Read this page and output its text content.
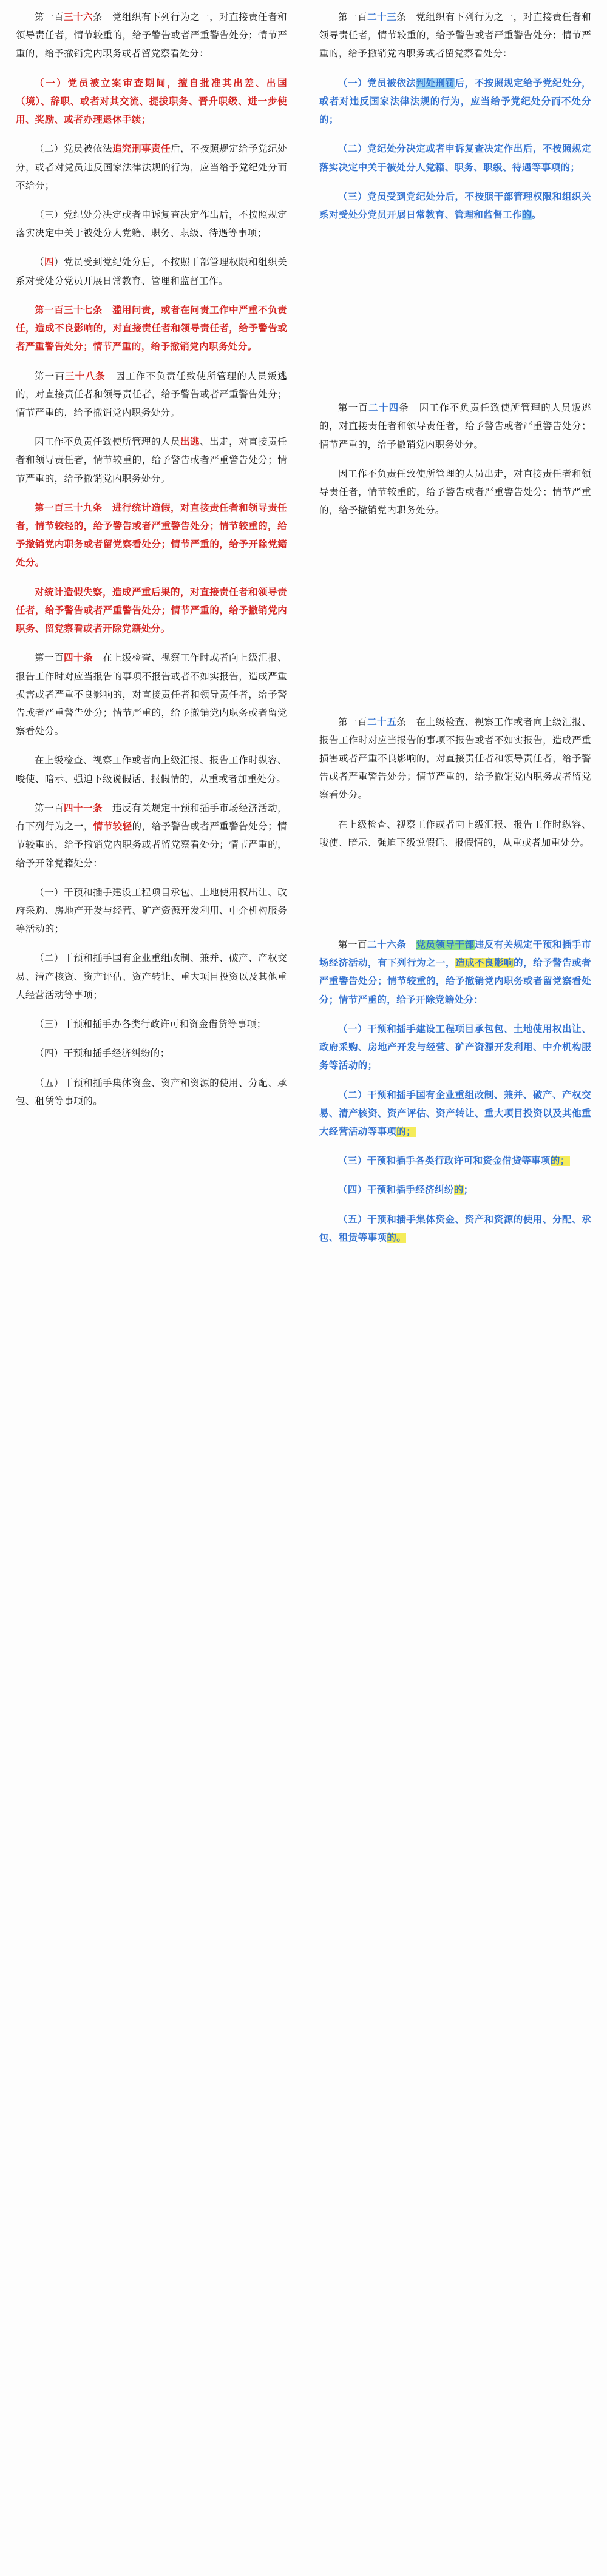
第一百三十六条　党组织有下列行为之一，对直接责任者和领导责任者，情节较重的，给予警告或者严重警告处分；情节严重的，给予撤销党内职务或者留党察看处分：

（一）党员被立案审查期间，擅自批准其出差、出国（境）、辞职、或者对其交流、提拔职务、晋升职级、进一步使用、奖励、或者办理退休手续；

（二）党员被依法追究刑事责任后，不按照规定给予党纪处分，或者对党员违反国家法律法规的行为，应当给予党纪处分而不给分；

（三）党纪处分决定或者申诉复查决定作出后，不按照规定落实决定中关于被处分人党籍、职务、职级、待遇等事项；

（四）党员受到党纪处分后，不按照干部管理权限和组织关系对受处分党员开展日常教育、管理和监督工作。

第一百三十七条　滥用问责，或者在问责工作中严重不负责任，造成不良影响的，对直接责任者和领导责任者，给予警告或者严重警告处分；情节严重的，给予撤销党内职务处分。

第一百三十八条　因工作不负责任致使所管理的人员叛逃的，对直接责任者和领导责任者，给予警告或者严重警告处分；情节严重的，给予撤销党内职务处分。

因工作不负责任致使所管理的人员出逃、出走，对直接责任者和领导责任者，情节较重的，给予警告或者严重警告处分；情节严重的，给予撤销党内职务处分。

第一百三十九条　进行统计造假，对直接责任者和领导责任者，情节较轻的，给予警告或者严重警告处分；情节较重的，给予撤销党内职务或者留党察看处分；情节严重的，给予开除党籍处分。

对统计造假失察，造成严重后果的，对直接责任者和领导责任者，给予警告或者严重警告处分；情节严重的，给予撤销党内职务、留党察看或者开除党籍处分。

第一百四十条　在上级检查、视察工作时或者向上级汇报、报告工作时对应当报告的事项不报告或者不如实报告，造成严重损害或者严重不良影响的，对直接责任者和领导责任者，给予警告或者严重警告处分；情节严重的，给予撤销党内职务或者留党察看处分。

在上级检查、视察工作或者向上级汇报、报告工作时纵容、唆使、暗示、强迫下级说假话、报假情的，从重或者加重处分。

第一百四十一条　违反有关规定干预和插手市场经济活动，有下列行为之一，情节较轻的，给予警告或者严重警告处分；情节较重的，给予撤销党内职务或者留党察看处分；情节严重的，给予开除党籍处分：

（一）干预和插手建设工程项目承包、土地使用权出让、政府采购、房地产开发与经营、矿产资源开发利用、中介机构服务等活动的；

（二）干预和插手国有企业重组改制、兼并、破产、产权交易、清产核资、资产评估、资产转让、重大项目投资以及其他重大经营活动等事项；

（三）干预和插手办各类行政许可和资金借贷等事项；

（四）干预和插手经济纠纷的；

（五）干预和插手集体资金、资产和资源的使用、分配、承包、租赁等事项的。

第一百二十三条　党组织有下列行为之一，对直接责任者和领导责任者，情节较重的，给予警告或者严重警告处分；情节严重的，给予撤销党内职务或者留党察看处分：

（一）党员被依法判处刑罚后，不按照规定给予党纪处分，或者对违反国家法律法规的行为，应当给予党纪处分而不处分的；

（二）党纪处分决定或者申诉复查决定作出后，不按照规定落实决定中关于被处分人党籍、职务、职级、待遇等事项的；

（三）党员受到党纪处分后，不按照干部管理权限和组织关系对受处分党员开展日常教育、管理和监督工作的。

第一百二十四条　因工作不负责任致使所管理的人员叛逃的，对直接责任者和领导责任者，给予警告或者严重警告处分；情节严重的，给予撤销党内职务处分。

因工作不负责任致使所管理的人员出走，对直接责任者和领导责任者，情节较重的，给予警告或者严重警告处分；情节严重的，给予撤销党内职务处分。

第一百二十五条　在上级检查、视察工作或者向上级汇报、报告工作时对应当报告的事项不报告或者不如实报告，造成严重损害或者严重不良影响的，对直接责任者和领导责任者，给予警告或者严重警告处分；情节严重的，给予撤销党内职务或者留党察看处分。

在上级检查、视察工作或者向上级汇报、报告工作时纵容、唆使、暗示、强迫下级说假话、报假情的，从重或者加重处分。

第一百二十六条　 党员领导干部违反有关规定干预和插手市场经济活动，有下列行为之一，造成不良影响的，给予警告或者严重警告处分；情节较重的，给予撤销党内职务或者留党察看处分；情节严重的，给予开除党籍处分：

（一）干预和插手建设工程项目承包包、土地使用权出让、政府采购、房地产开发与经营、矿产资源开发利用、中介机构服务等活动的；

（二）干预和插手国有企业重组改制、兼并、破产、产权交易、清产核资、资产评估、资产转让、重大项目投资以及其他重大经营活动等事项的；

（三）干预和插手各类行政许可和资金借贷等事项的；

（四）干预和插手经济纠纷的；

（五）干预和插手集体资金、资产和资源的使用、分配、承包、租赁等事项的。
